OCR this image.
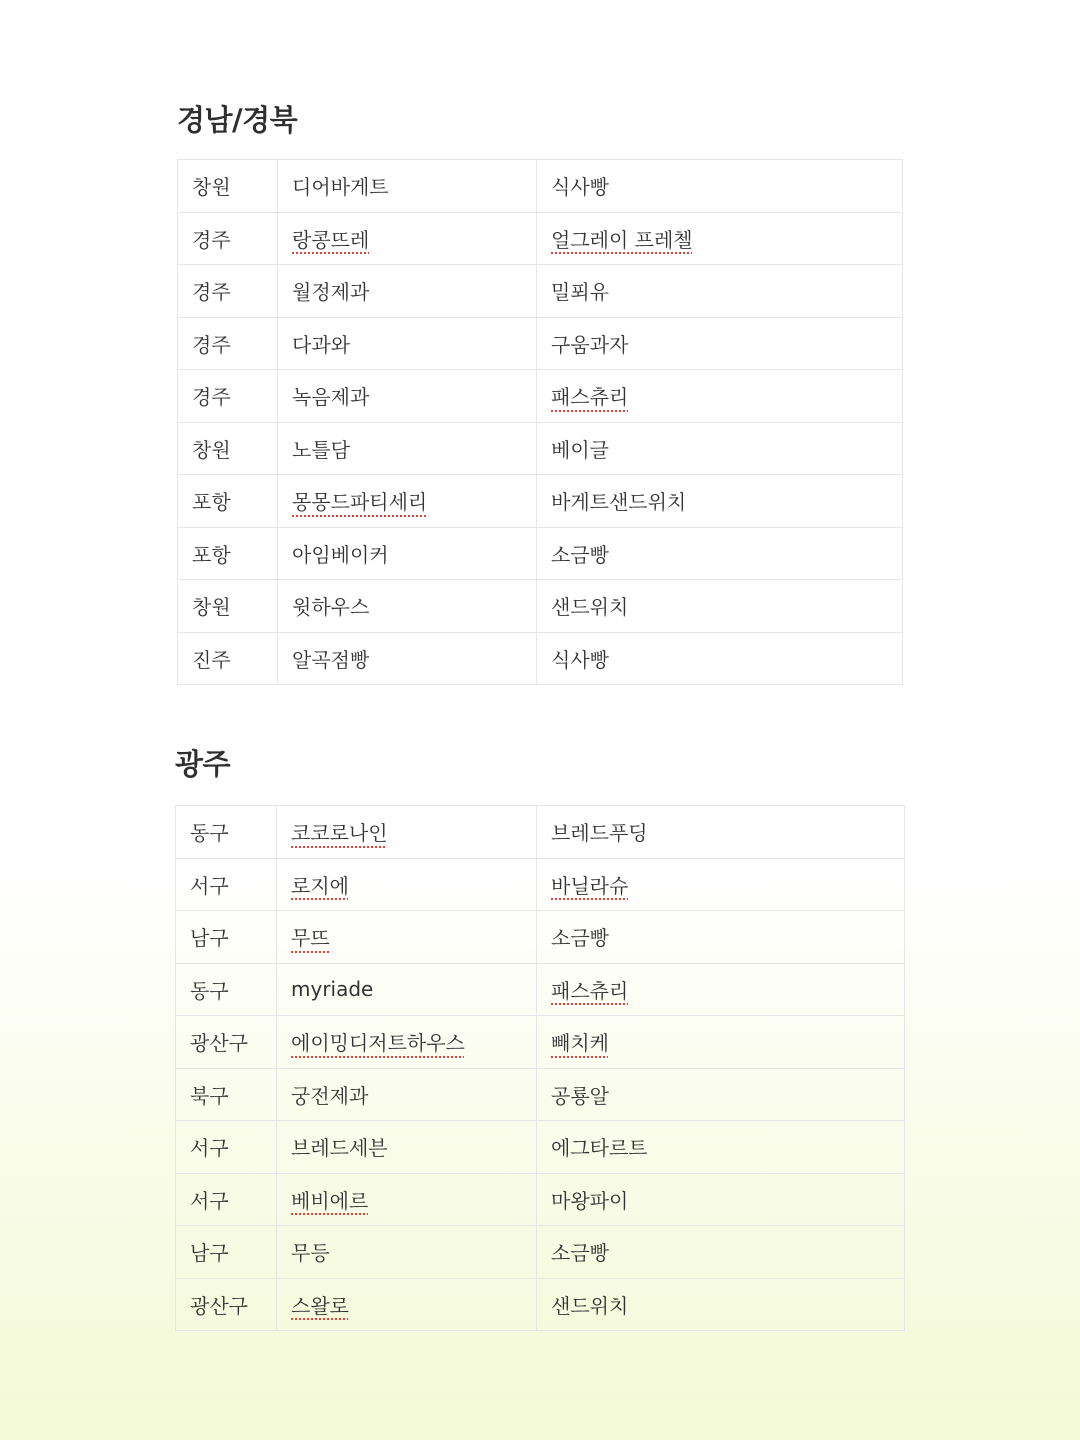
경남/경북
창원	디어바게트	식사빵
경주	랑콩뜨레	얼그레이 프레첼
경주	월정제과	밀푀유
경주	다과와	구움과자
경주	녹음제과	패스츄리
창원	노틀담	베이글
포항	몽몽드파티세리	바게트샌드위치
포항	아임베이커	소금빵
창원	윗하우스	샌드위치
진주	알곡점빵	식사빵
광주
동구	코코로나인	브레드푸딩
서구	로지에	바닐라슈
남구	무뜨	소금빵
동구	myriade	패스츄리
광산구	에이밍디저트하우스	빼치케
북구	궁전제과	공룡알
서구	브레드세븐	에그타르트
서구	베비에르	마왕파이
남구	무등	소금빵
광산구	스왈로	샌드위치
